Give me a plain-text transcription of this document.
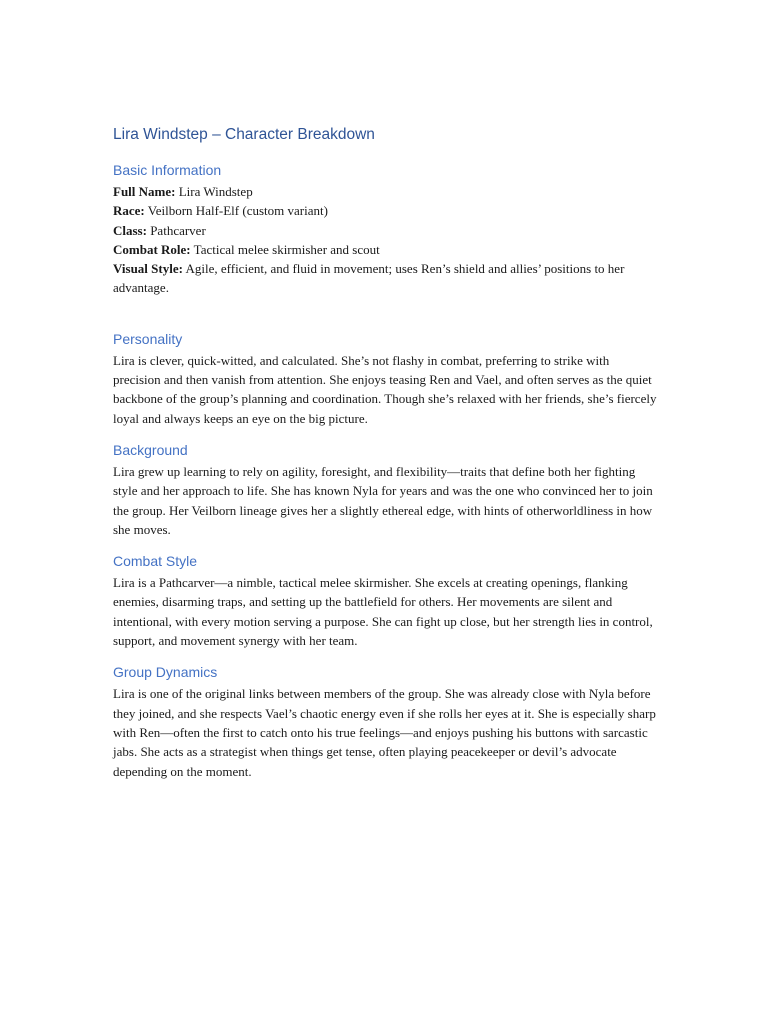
Lira Windstep – Character Breakdown
Basic Information

Full Name: Lira Windstep

Race: Veilborn Half-Elf (custom variant)

Class: Pathcarver

Combat Role: Tactical melee skirmisher and scout

Visual Style: Agile, efficient, and fluid in movement; uses Ren’s shield and allies’ positions to her advantage.

Personality

Lira is clever, quick-witted, and calculated. She’s not flashy in combat, preferring to strike with precision and then vanish from attention. She enjoys teasing Ren and Vael, and often serves as the quiet backbone of the group’s planning and coordination. Though she’s relaxed with her friends, she’s fiercely loyal and always keeps an eye on the big picture.

Background

Lira grew up learning to rely on agility, foresight, and flexibility—traits that define both her fighting style and her approach to life. She has known Nyla for years and was the one who convinced her to join the group. Her Veilborn lineage gives her a slightly ethereal edge, with hints of otherworldliness in how she moves.

Combat Style

Lira is a Pathcarver—a nimble, tactical melee skirmisher. She excels at creating openings, flanking enemies, disarming traps, and setting up the battlefield for others. Her movements are silent and intentional, with every motion serving a purpose. She can fight up close, but her strength lies in control, support, and movement synergy with her team.

Group Dynamics

Lira is one of the original links between members of the group. She was already close with Nyla before they joined, and she respects Vael’s chaotic energy even if she rolls her eyes at it. She is especially sharp with Ren—often the first to catch onto his true feelings—and enjoys pushing his buttons with sarcastic jabs. She acts as a strategist when things get tense, often playing peacekeeper or devil’s advocate depending on the moment.
